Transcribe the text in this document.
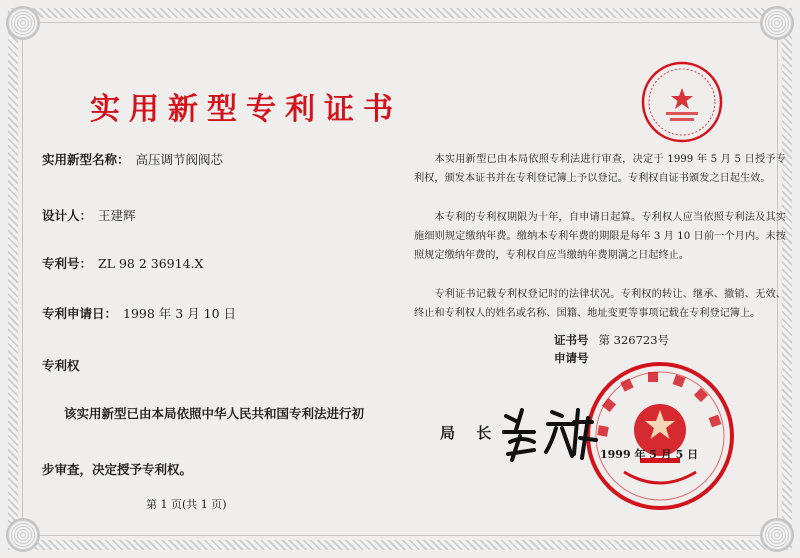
实用新型专利证书
实用新型名称： 高压调节阀阀芯
设计人： 王建辉
专利号： ZL 98 2 36914.X
专利申请日： 1998 年 3 月 10 日
专利权
该实用新型已由本局依照中华人民共和国专利法进行初
步审查，决定授予专利权。
第 1 页(共 1 页)
本实用新型已由本局依照专利法进行审查，决定于 1999 年 5 月 5 日授予专利权，颁发本证书并在专利登记簿上予以登记。专利权自证书颁发之日起生效。
本专利的专利权期限为十年，自申请日起算。专利权人应当依照专利法及其实施细则规定缴纳年费。缴纳本专利年费的期限是每年 3 月 10 日前一个月内。未按照规定缴纳年费的，专利权自应当缴纳年费期满之日起终止。
专利证书记载专利权登记时的法律状况。专利权的转让、继承、撤销、无效、终止和专利权人的姓名或名称、国籍、地址变更等事项记载在专利登记簿上。
证书号 第 326723号
申请号
局 长
1999 年 5 月 5 日
